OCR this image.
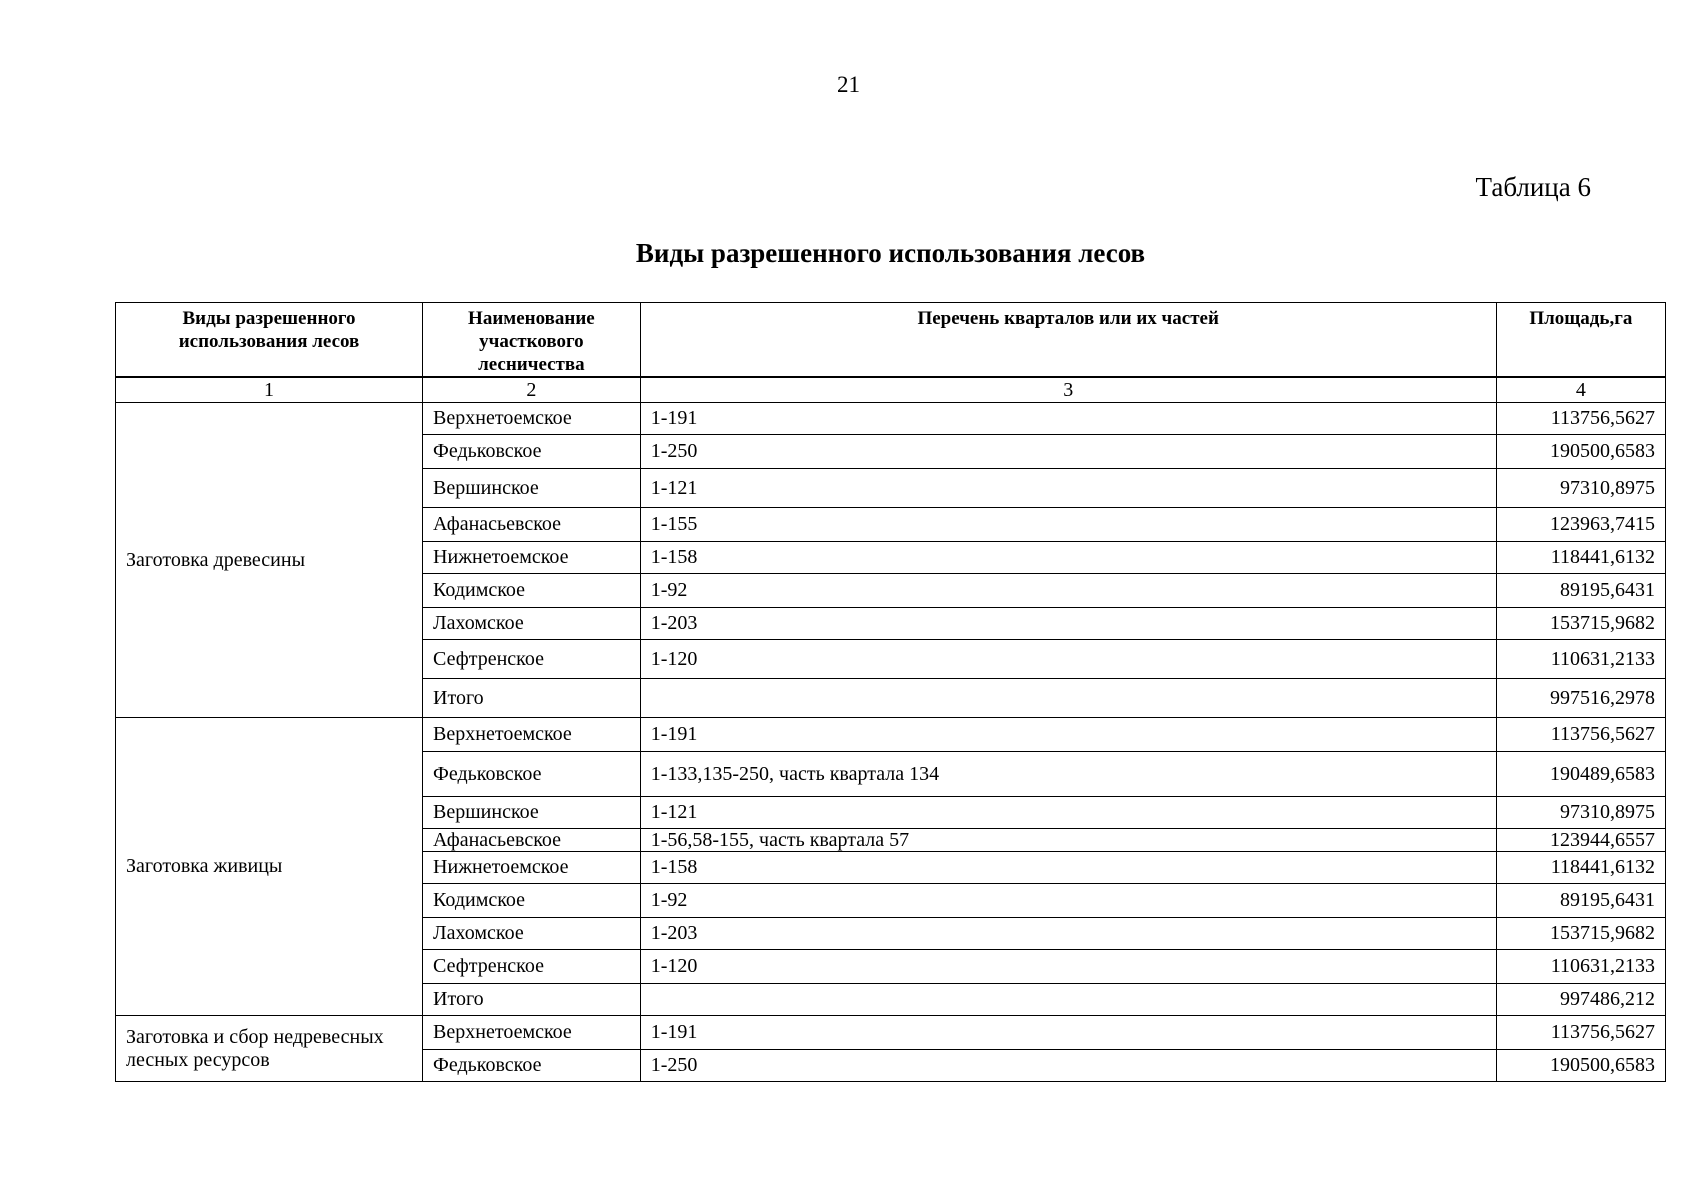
21
Таблица 6
Виды разрешенного использования лесов
Виды разрешенного использования лесов	Наименование участкового лесничества	Перечень кварталов или их частей	Площадь,га

1	2	3	4
Заготовка древесины	Верхнетоемское	1-191	113756,5627
	Федьковское	1-250	190500,6583
	Вершинское	1-121	97310,8975
	Афанасьевское	1-155	123963,7415
	Нижнетоемское	1-158	118441,6132
	Кодимское	1-92	89195,6431
	Лахомское	1-203	153715,9682
	Сефтренское	1-120	110631,2133
	Итого		997516,2978
Заготовка живицы	Верхнетоемское	1-191	113756,5627
	Федьковское	1-133,135-250, часть квартала 134	190489,6583
	Вершинское	1-121	97310,8975
	Афанасьевское	1-56,58-155, часть квартала 57	123944,6557
	Нижнетоемское	1-158	118441,6132
	Кодимское	1-92	89195,6431
	Лахомское	1-203	153715,9682
	Сефтренское	1-120	110631,2133
	Итого		997486,212
Заготовка и сбор недревесных лесных ресурсов	Верхнетоемское	1-191	113756,5627
	Федьковское	1-250	190500,6583
